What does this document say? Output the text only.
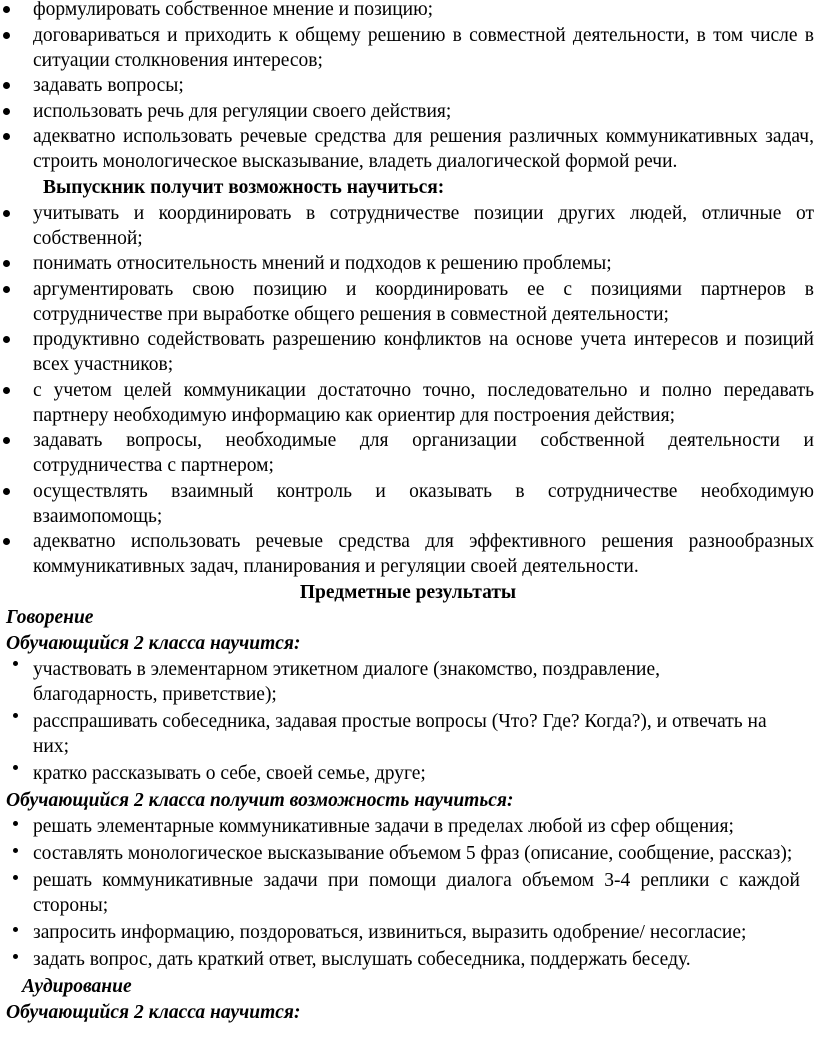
формулировать собственное мнение и позицию;
договариваться и приходить к общему решению в совместной деятельности, в том числе в ситуации столкновения интересов;
задавать вопросы;
использовать речь для регуляции своего действия;
адекватно использовать речевые средства для решения различных коммуникативных задач, строить монологическое высказывание, владеть диалогической формой речи.
Выпускник получит возможность научиться:
учитывать и координировать в сотрудничестве позиции других людей, отличные от собственной;
понимать относительность мнений и подходов к решению проблемы;
аргументировать свою позицию и координировать ее с позициями партнеров в сотрудничестве при выработке общего решения в совместной деятельности;
продуктивно содействовать разрешению конфликтов на основе учета интересов и позиций всех участников;
с учетом целей коммуникации достаточно точно, последовательно и полно передавать партнеру необходимую информацию как ориентир для построения действия;
задавать вопросы, необходимые для организации собственной деятельности и сотрудничества с партнером;
осуществлять взаимный контроль и оказывать в сотрудничестве необходимую взаимопомощь;
адекватно использовать речевые средства для эффективного решения разнообразных коммуникативных задач, планирования и регуляции своей деятельности.
Предметные результаты
Говорение
Обучающийся 2 класса научится:
участвовать в элементарном этикетном диалоге (знакомство, поздравление, благодарность, приветствие);
расспрашивать собеседника, задавая простые вопросы (Что? Где? Когда?), и отвечать на них;
кратко рассказывать о себе, своей семье, друге;
Обучающийся 2 класса получит возможность научиться:
решать элементарные коммуникативные задачи в пределах любой из сфер общения;
составлять монологическое высказывание объемом 5 фраз (описание, сообщение, рассказ);
решать коммуникативные задачи при помощи диалога объемом 3-4 реплики с каждой стороны;
запросить информацию, поздороваться, извиниться, выразить одобрение/ несогласие;
задать вопрос, дать краткий ответ, выслушать собеседника, поддержать беседу.
Аудирование
Обучающийся 2 класса научится:
